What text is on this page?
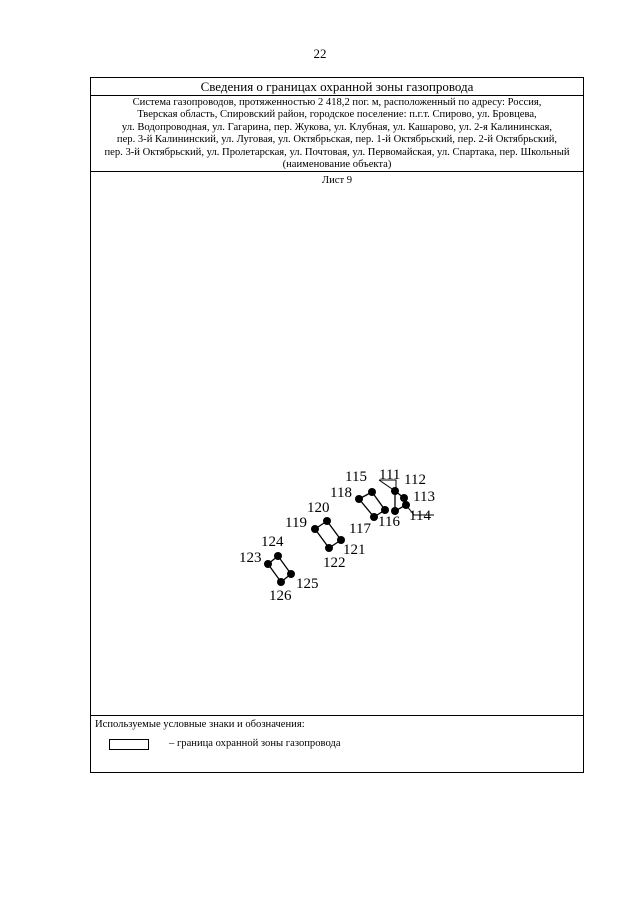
22
Сведения о границах охранной зоны газопровода
Система газопроводов, протяженностью 2 418,2 пог. м, расположенный по адресу: Россия,
Тверская область, Спировский район, городское поселение: п.г.т. Спирово, ул. Бровцева,
ул. Водопроводная, ул. Гагарина, пер. Жукова, ул. Клубная, ул. Кашарово, ул. 2-я Калининская,
пер. 3-й Калининский, ул. Луговая, ул. Октябрьская, пер. 1-й Октябрьский, пер. 2-й Октябрьский,
пер. 3-й Октябрьский, ул. Пролетарская, ул. Почтовая, ул. Первомайская, ул. Спартака, пер. Школьный
(наименование объекта)
Лист 9
115 111 112
118	113
120	114
116
119	117
124	121
123	122
125
126
Используемые условные знаки и обозначения:
– граница охранной зоны газопровода
